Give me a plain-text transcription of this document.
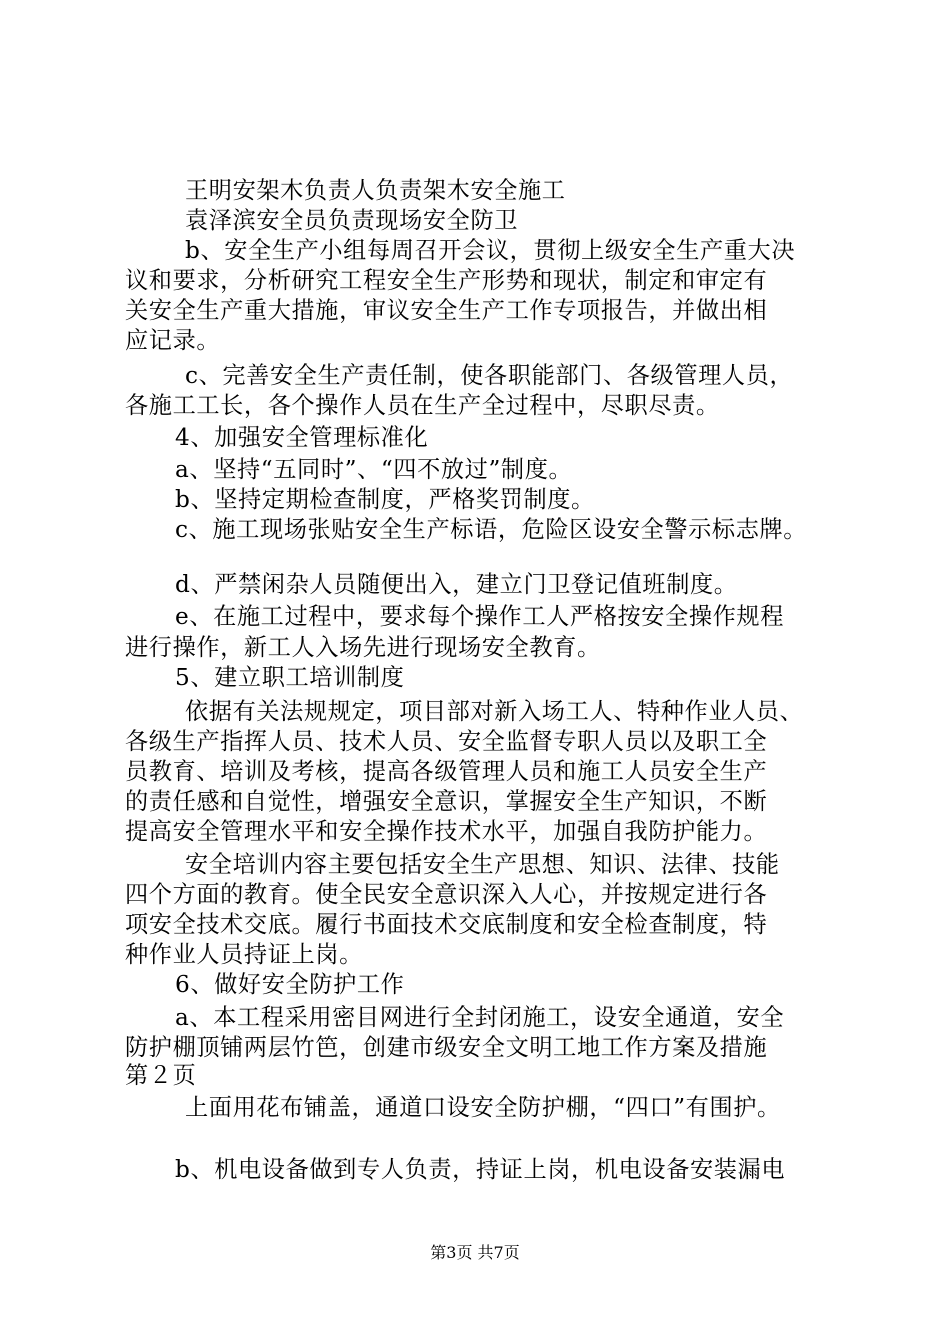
王明安架木负责人负责架木安全施工
袁泽滨安全员负责现场安全防卫
b、安全生产小组每周召开会议，贯彻上级安全生产重大决
议和要求，分析研究工程安全生产形势和现状，制定和审定有
关安全生产重大措施，审议安全生产工作专项报告，并做出相
应记录。
c、完善安全生产责任制，使各职能部门、各级管理人员，
各施工工长，各个操作人员在生产全过程中，尽职尽责。
4、加强安全管理标准化
a、坚持“五同时”、“四不放过”制度。
b、坚持定期检查制度，严格奖罚制度。
c、施工现场张贴安全生产标语，危险区设安全警示标志牌。
d、严禁闲杂人员随便出入，建立门卫登记值班制度。
e、在施工过程中，要求每个操作工人严格按安全操作规程
进行操作，新工人入场先进行现场安全教育。
5、建立职工培训制度
依据有关法规规定，项目部对新入场工人、特种作业人员、
各级生产指挥人员、技术人员、安全监督专职人员以及职工全
员教育、培训及考核，提高各级管理人员和施工人员安全生产
的责任感和自觉性，增强安全意识，掌握安全生产知识，不断
提高安全管理水平和安全操作技术水平，加强自我防护能力。
安全培训内容主要包括安全生产思想、知识、法律、技能
四个方面的教育。使全民安全意识深入人心，并按规定进行各
项安全技术交底。履行书面技术交底制度和安全检查制度，特
种作业人员持证上岗。
6、做好安全防护工作
a、本工程采用密目网进行全封闭施工，设安全通道，安全
防护棚顶铺两层竹笆，创建市级安全文明工地工作方案及措施
第２页
上面用花布铺盖，通道口设安全防护棚，“四口”有围护。
b、机电设备做到专人负责，持证上岗，机电设备安装漏电
第3页 共7页
